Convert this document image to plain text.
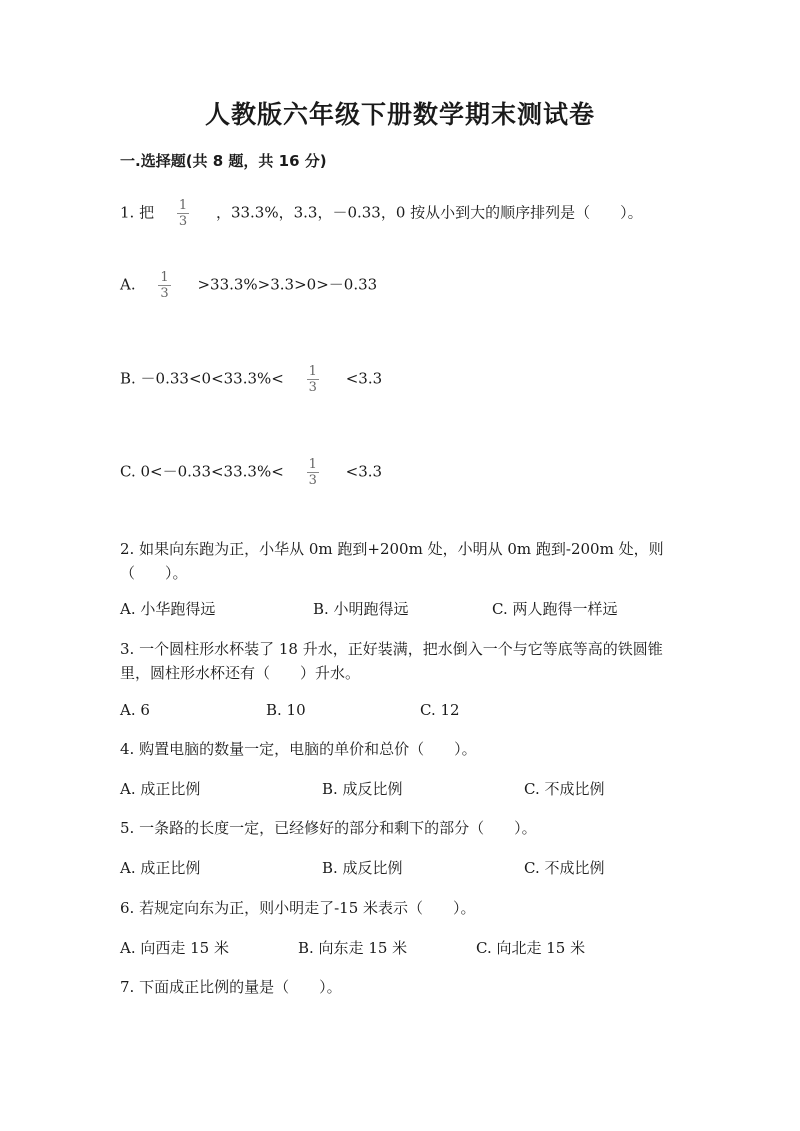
人教版六年级下册数学期末测试卷
一.选择题(共 8 题，共 16 分)
1. 把 $\frac{1}{3}$ ，33.3%，3.3，－0.33，0 按从小到大的顺序排列是（　　）。
A. $\frac{1}{3} >33.3\%>3.3>0>-0.33$
B. $-0.33<0<33.3\%< \frac{1}{3} <3.3$
C. $0<-0.33<33.3\%< \frac{1}{3} <3.3$
2. 如果向东跑为正，小华从 0m 跑到+200m 处，小明从 0m 跑到-200m 处，则（　　）。
A. 小华跑得远	B. 小明跑得远	C. 两人跑得一样远
3. 一个圆柱形水杯装了 18 升水，正好装满，把水倒入一个与它等底等高的铁圆锥里，圆柱形水杯还有（　　）升水。
A. 6	B. 10	C. 12
4. 购置电脑的数量一定，电脑的单价和总价（　　）。
A. 成正比例	B. 成反比例	C. 不成比例
5. 一条路的长度一定，已经修好的部分和剩下的部分（　　）。
A. 成正比例	B. 成反比例	C. 不成比例
6. 若规定向东为正，则小明走了-15 米表示（　　）。
A. 向西走 15 米	B. 向东走 15 米	C. 向北走 15 米
7. 下面成正比例的量是（　　）。
